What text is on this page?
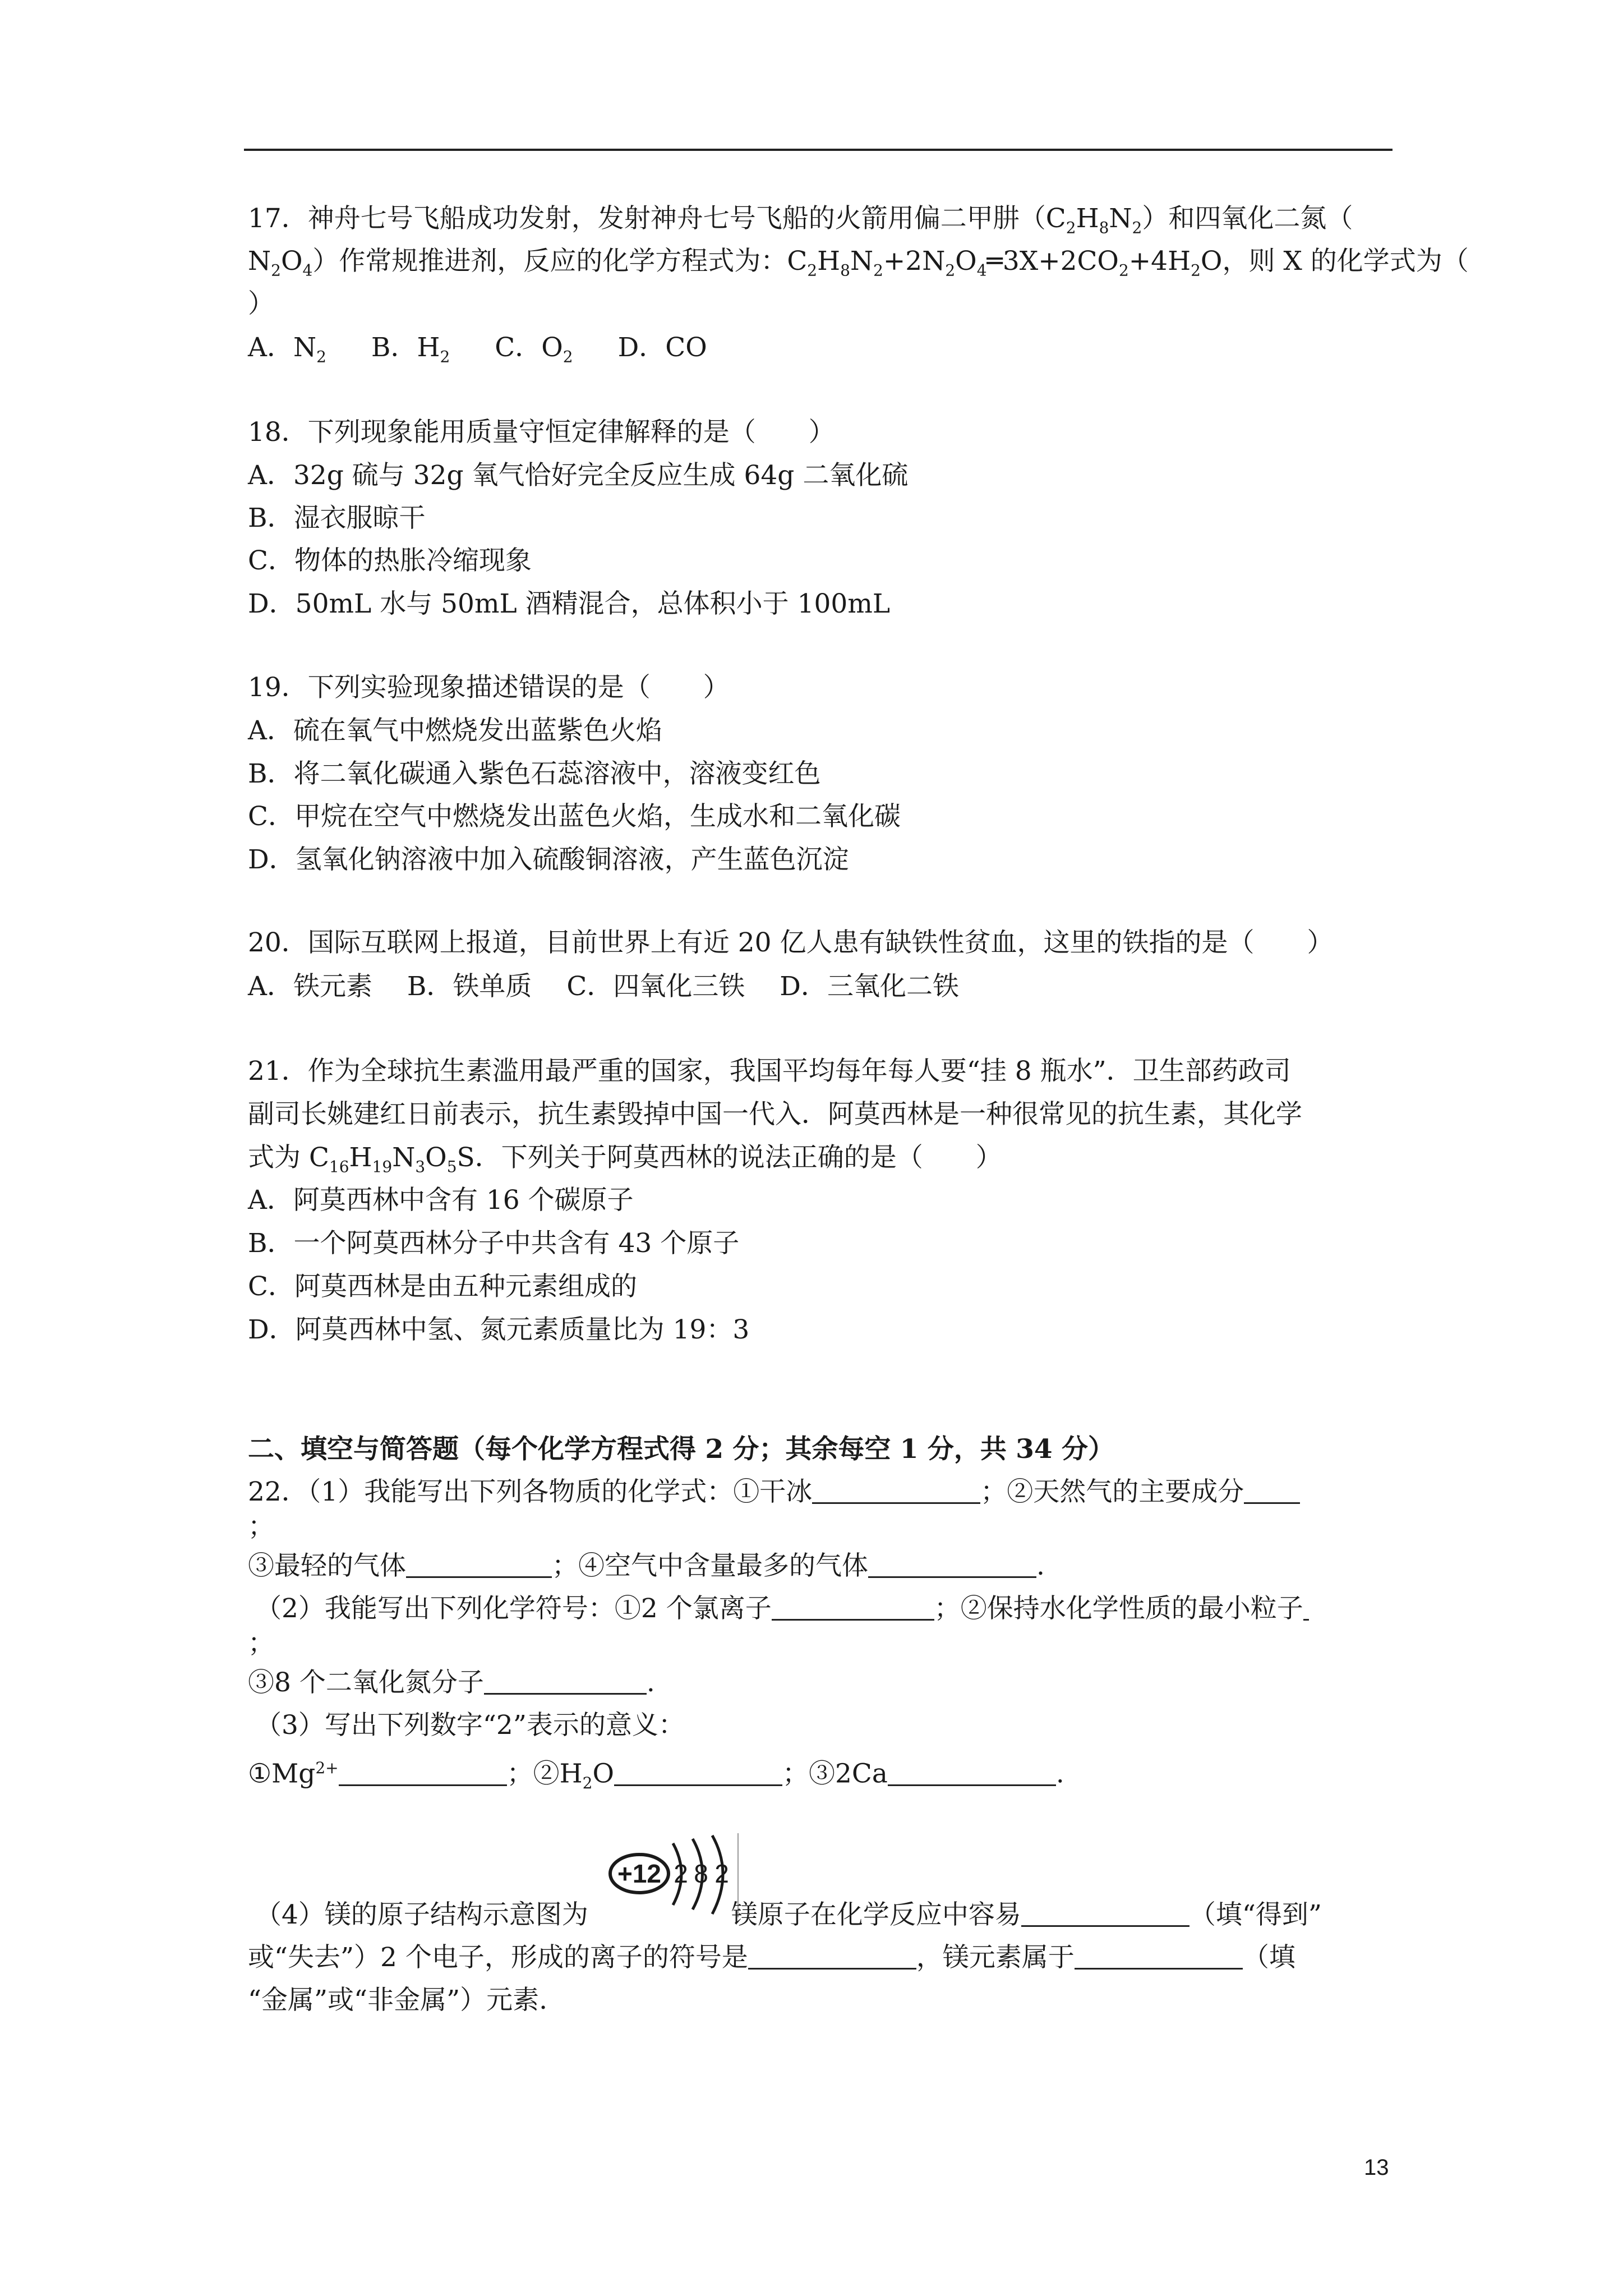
17．神舟七号飞船成功发射，发射神舟七号飞船的火箭用偏二甲肼$(C_2H_8N_2)$和四氧化二氮（
$N_2O_4$）作常规推进剂，反应的化学方程式为：$C_2H_8N_2+2N_2O_4═3X+2CO_2+4H_2O$，则 X 的化学式为（
）
A．$N_2$ B．$H_2$ C．$O_2$ D．CO
18．下列现象能用质量守恒定律解释的是（　　）
A．32g 硫与 32g 氧气恰好完全反应生成 64g 二氧化硫
B．湿衣服晾干
C．物体的热胀冷缩现象
D．50mL 水与 50mL 酒精混合，总体积小于 100mL
19．下列实验现象描述错误的是（　　）
A．硫在氧气中燃烧发出蓝紫色火焰
B．将二氧化碳通入紫色石蕊溶液中，溶液变红色
C．甲烷在空气中燃烧发出蓝色火焰，生成水和二氧化碳
D．氢氧化钠溶液中加入硫酸铜溶液，产生蓝色沉淀
20．国际互联网上报道，目前世界上有近 20 亿人患有缺铁性贫血，这里的铁指的是（　　）
A．铁元素　 B．铁单质　 C．四氧化三铁　 D．三氧化二铁
21．作为全球抗生素滥用最严重的国家，我国平均每年每人要“挂 8 瓶水”．卫生部药政司
副司长姚建红日前表示，抗生素毁掉中国一代入．阿莫西林是一种很常见的抗生素，其化学
式为 $C_{16}H_{19}N_3O_5S$．下列关于阿莫西林的说法正确的是（　　）
A．阿莫西林中含有 16 个碳原子
B．一个阿莫西林分子中共含有 43 个原子
C．阿莫西林是由五种元素组成的
D．阿莫西林中氢、氮元素质量比为 19：3
二、填空与简答题（每个化学方程式得 2 分；其余每空 1 分，共 34 分）
22．（1）我能写出下列各物质的化学式：①干冰	；②天然气的主要成分
；
③最轻的气体	；④空气中含量最多的气体	.
（2）我能写出下列化学符号：①2 个氯离子	；②保持水化学性质的最小粒子
；
③8 个二氧化氮分子	.
（3）写出下列数字“2”表示的意义：
$①Mg^{2+}$	；$②H_2O$	；③2Ca	.
+12 2 8 2
（4）镁的原子结构示意图为	镁原子在化学反应中容易	（填“得到”
或“失去”）2 个电子，形成的离子的符号是	，镁元素属于	（填
“金属”或“非金属”）元素.
13
